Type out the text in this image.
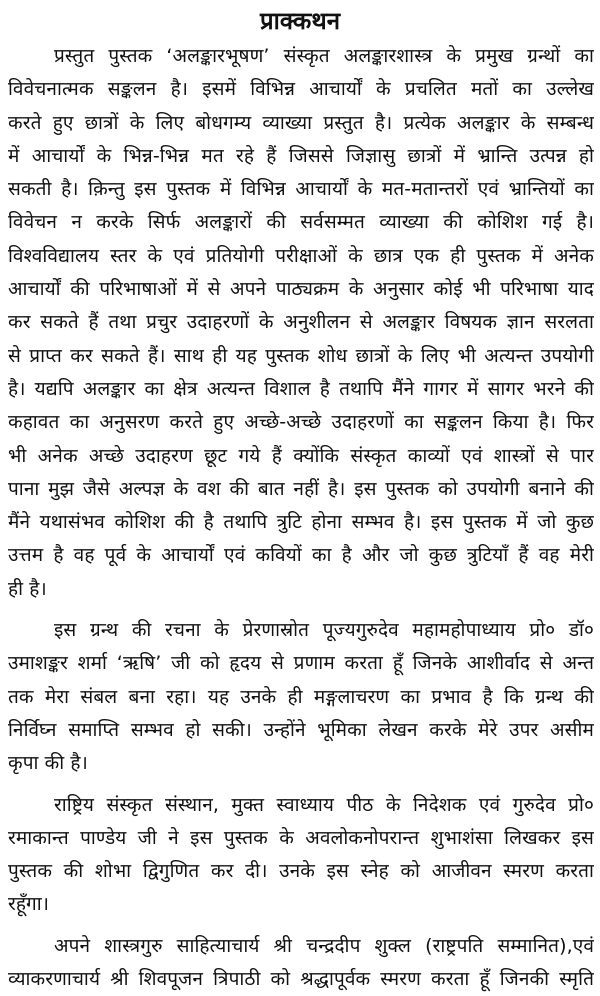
प्राक्कथन
प्रस्तुत पुस्तक ‘अलङ्कारभूषण’ संस्कृत अलङ्कारशास्त्र के प्रमुख ग्रन्थों का
विवेचनात्मक सङ्कलन है। इसमें विभिन्न आचार्यों के प्रचलित मतों का उल्लेख
करते हुए छात्रों के लिए बोधगम्य व्याख्या प्रस्तुत है। प्रत्येक अलङ्कार के सम्बन्ध
में आचार्यों के भिन्न-भिन्न मत रहे हैं जिससे जिज्ञासु छात्रों में भ्रान्ति उत्पन्न हो
सकती है। क़िन्तु इस पुस्तक में विभिन्न आचार्यों के मत-मतान्तरों एवं भ्रान्तियों का
विवेचन न करके सिर्फ अलङ्कारों की सर्वसम्मत व्याख्या की कोशिश गई है।
विश्वविद्यालय स्तर के एवं प्रतियोगी परीक्षाओं के छात्र एक ही पुस्तक में अनेक
आचार्यों की परिभाषाओं में से अपने पाठ्यक्रम के अनुसार कोई भी परिभाषा याद
कर सकते हैं तथा प्रचुर उदाहरणों के अनुशीलन से अलङ्कार विषयक ज्ञान सरलता
से प्राप्त कर सकते हैं। साथ ही यह पुस्तक शोध छात्रों के लिए भी अत्यन्त उपयोगी
है। यद्यपि अलङ्कार का क्षेत्र अत्यन्त विशाल है तथापि मैंने गागर में सागर भरने की
कहावत का अनुसरण करते हुए अच्छे-अच्छे उदाहरणों का सङ्कलन किया है। फिर
भी अनेक अच्छे उदाहरण छूट गये हैं क्योंकि संस्कृत काव्यों एवं शास्त्रों से पार
पाना मुझ जैसे अल्पज्ञ के वश की बात नहीं है। इस पुस्तक को उपयोगी बनाने की
मैंने यथासंभव कोशिश की है तथापि त्रुटि होना सम्भव है। इस पुस्तक में जो कुछ
उत्तम है वह पूर्व के आचार्यों एवं कवियों का है और जो कुछ त्रुटियाँ हैं वह मेरी
ही है।
इस ग्रन्थ की रचना के प्रेरणास्रोत पूज्यगुरुदेव महामहोपाध्याय प्रो० डॉ०
उमाशङ्कर शर्मा ‘ऋषि’ जी को हृदय से प्रणाम करता हूँ जिनके आशीर्वाद से अन्त
तक मेरा संबल बना रहा। यह उनके ही मङ्गलाचरण का प्रभाव है कि ग्रन्थ की
निर्विघ्न समाप्ति सम्भव हो सकी। उन्होंने भूमिका लेखन करके मेरे उपर असीम
कृपा की है।
राष्ट्रिय संस्कृत संस्थान, मुक्त स्वाध्याय पीठ के निदेशक एवं गुरुदेव प्रो०
रमाकान्त पाण्डेय जी ने इस पुस्तक के अवलोकनोपरान्त शुभाशंसा लिखकर इस
पुस्तक की शोभा द्विगुणित कर दी। उनके इस स्नेह को आजीवन स्मरण करता
रहूँगा।
अपने शास्त्रगुरु साहित्याचार्य श्री चन्द्रदीप शुक्ल (राष्ट्रपति सम्मानित),एवं
व्याकरणाचार्य श्री शिवपूजन त्रिपाठी को श्रद्धापूर्वक स्मरण करता हूँ जिनकी स्मृति
